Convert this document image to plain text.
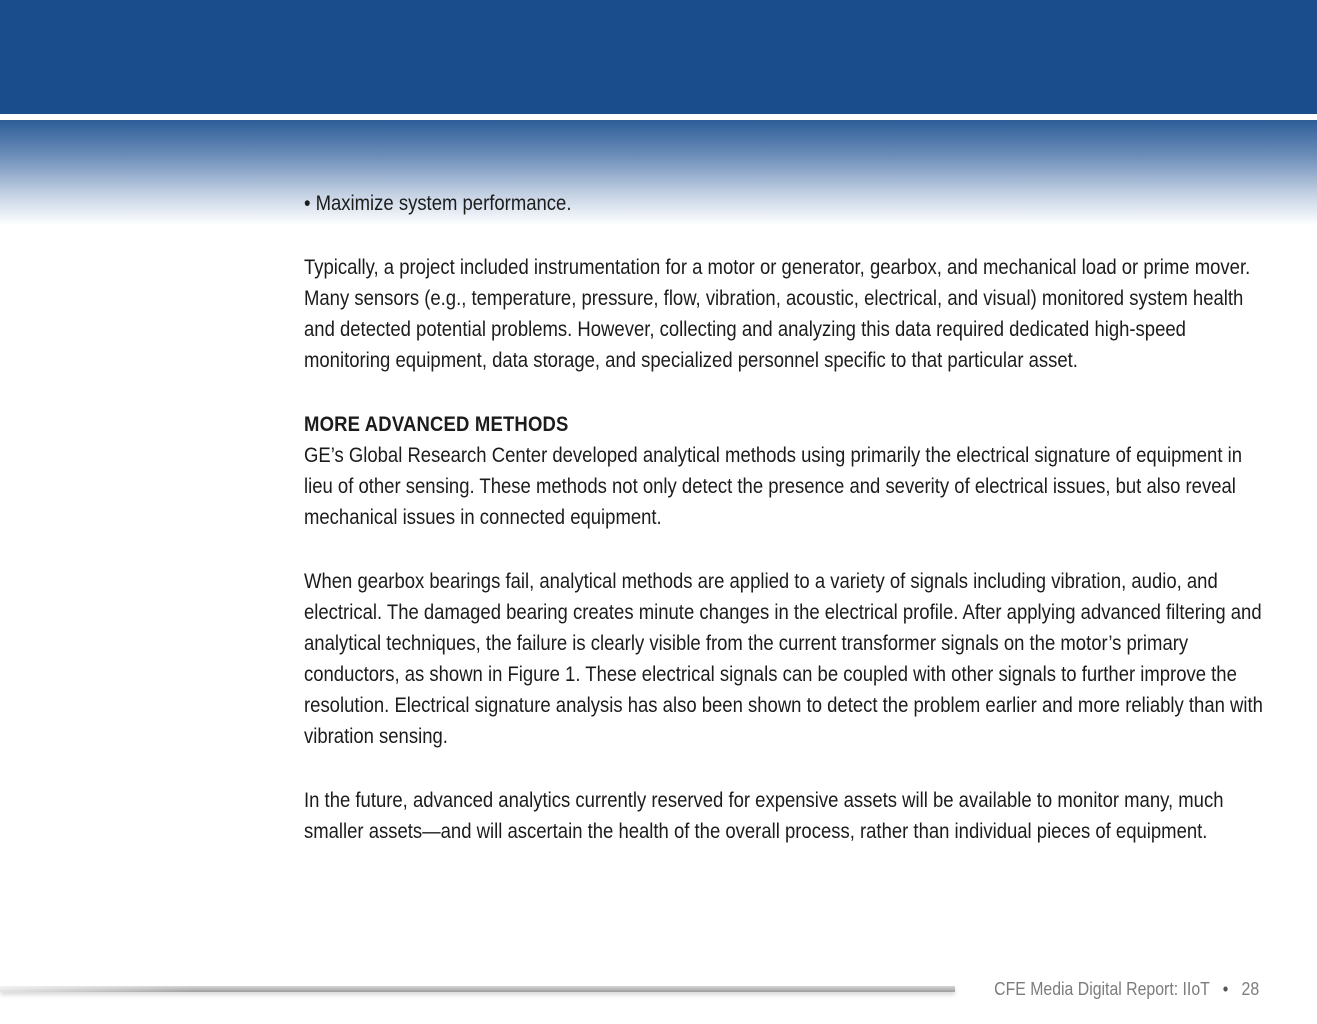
• Maximize system performance.

Typically, a project included instrumentation for a motor or generator, gearbox, and mechanical load or prime mover. Many sensors (e.g., temperature, pressure, flow, vibration, acoustic, electrical, and visual) monitored system health and detected potential problems. However, collecting and analyzing this data required dedicated high-speed monitoring equipment, data storage, and specialized personnel specific to that particular asset.

MORE ADVANCED METHODS

GE’s Global Research Center developed analytical methods using primarily the electrical signature of equipment in lieu of other sensing. These methods not only detect the presence and severity of electrical issues, but also reveal mechanical issues in connected equipment.

When gearbox bearings fail, analytical methods are applied to a variety of signals including vibration, audio, and electrical. The damaged bearing creates minute changes in the electrical profile. After applying advanced filtering and analytical techniques, the failure is clearly visible from the current transformer signals on the motor’s primary conductors, as shown in Figure 1. These electrical signals can be coupled with other signals to further improve the resolution. Electrical signature analysis has also been shown to detect the problem earlier and more reliably than with vibration sensing.

In the future, advanced analytics currently reserved for expensive assets will be available to monitor many, much smaller assets—and will ascertain the health of the overall process, rather than individual pieces of equipment.

CFE Media Digital Report: IIoT • 28
